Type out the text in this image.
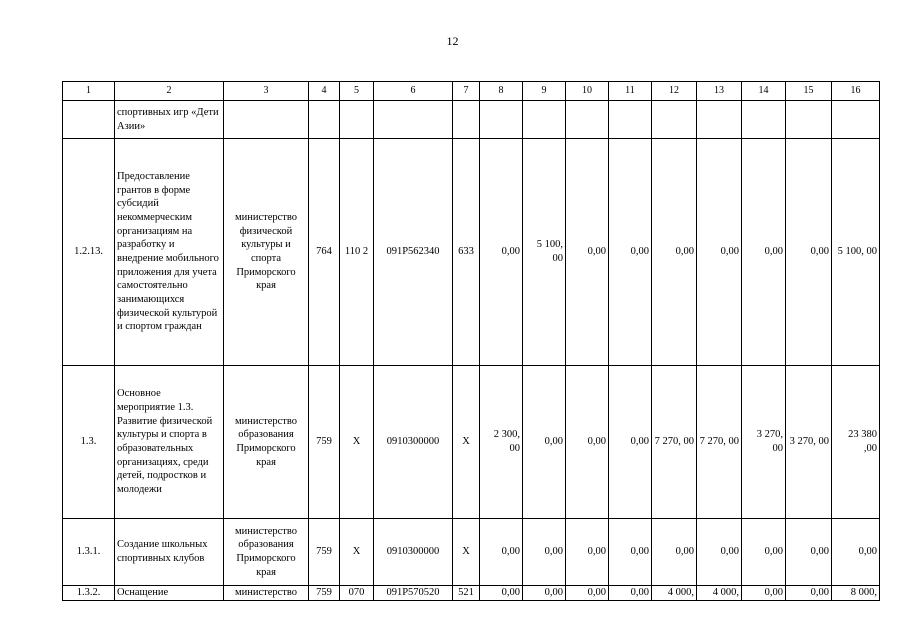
12
1	2	3	4	5	6	7	8	9	10	11	12	13	14	15	16
	спортивных игр «Дети Азии»														
1.2.13.	Предоставление грантов в форме субсидий некоммерческим организациям на разработку и внедрение мобильного приложения для учета самостоятельно занимающихся физической культурой и спортом граждан	министерство физической культуры и спорта Приморского края	764	110 2	091P562340	633	0,00	5 100, 00	0,00	0,00	0,00	0,00	0,00	0,00	5 100, 00
1.3.	Основное мероприятие 1.3. Развитие физической культуры и спорта в образовательных организациях, среди детей, подростков и молодежи	министерство образования Приморского края	759	X	0910300000	X	2 300, 00	0,00	0,00	0,00	7 270, 00	7 270, 00	3 270, 00	3 270, 00	23 380 ,00
1.3.1.	Создание школьных спортивных клубов	министерство образования Приморского края	759	X	0910300000	X	0,00	0,00	0,00	0,00	0,00	0,00	0,00	0,00	0,00
1.3.2.	Оснащение	министерство	759	070	091P570520	521	0,00	0,00	0,00	0,00	4 000,	4 000,	0,00	0,00	8 000,
